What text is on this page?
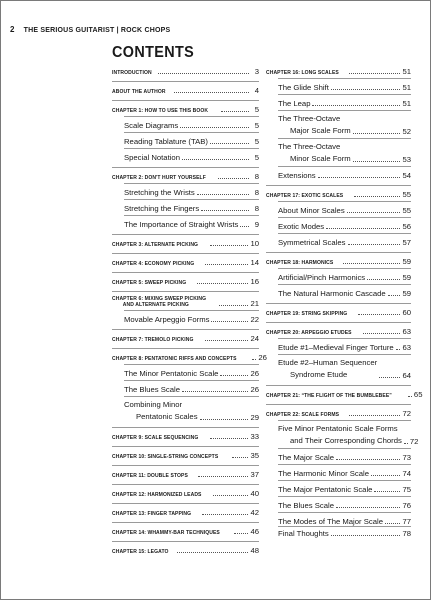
2 THE SERIOUS GUITARIST | ROCK CHOPS
CONTENTS
INTRODUCTION	3
ABOUT THE AUTHOR	4
CHAPTER 1: HOW TO USE THIS BOOK	5
Scale Diagrams	5
Reading Tablature (TAB)	5
Special Notation	5
CHAPTER 2: DON'T HURT YOURSELF	8
Stretching the Wrists	8
Stretching the Fingers	8
The Importance of Straight Wrists	9
CHAPTER 3: ALTERNATE PICKING	10
CHAPTER 4: ECONOMY PICKING	14
CHAPTER 5: SWEEP PICKING	16
CHAPTER 6: MIXING SWEEP PICKING
AND ALTERNATE PICKING	21
Movable Arpeggio Forms	22
CHAPTER 7: TREMOLO PICKING	24
CHAPTER 8: PENTATONIC RIFFS AND CONCEPTS	26
The Minor Pentatonic Scale	26
The Blues Scale	26
Combining Minor
Pentatonic Scales	29
CHAPTER 9: SCALE SEQUENCING	33
CHAPTER 10: SINGLE-STRING CONCEPTS	35
CHAPTER 11: DOUBLE STOPS	37
CHAPTER 12: HARMONIZED LEADS	40
CHAPTER 13: FINGER TAPPING	42
CHAPTER 14: WHAMMY-BAR TECHNIQUES	46
CHAPTER 15: LEGATO	48
CHAPTER 16: LONG SCALES	51
The Glide Shift	51
The Leap	51
The Three-Octave
Major Scale Form	52
The Three-Octave
Minor Scale Form	53
Extensions	54
CHAPTER 17: EXOTIC SCALES	55
About Minor Scales	55
Exotic Modes	56
Symmetrical Scales	57
CHAPTER 18: HARMONICS	59
Artificial/Pinch Harmonics	59
The Natural Harmonic Cascade 59
CHAPTER 19: STRING SKIPPING	60
CHAPTER 20: ARPEGGIO ETUDES	63
Etude #1–Medieval Finger Torture 63
Etude #2–Human Sequencer
Syndrome Etude	64
CHAPTER 21: “THE FLIGHT OF THE BUMBLEBEE”	65
CHAPTER 22: SCALE FORMS	72
Five Minor Pentatonic Scale Forms
and Their Corresponding Chords 72
The Major Scale	73
The Harmonic Minor Scale	74
The Major Pentatonic Scale	75
The Blues Scale	76
The Modes of The Major Scale	77
Final Thoughts	78
